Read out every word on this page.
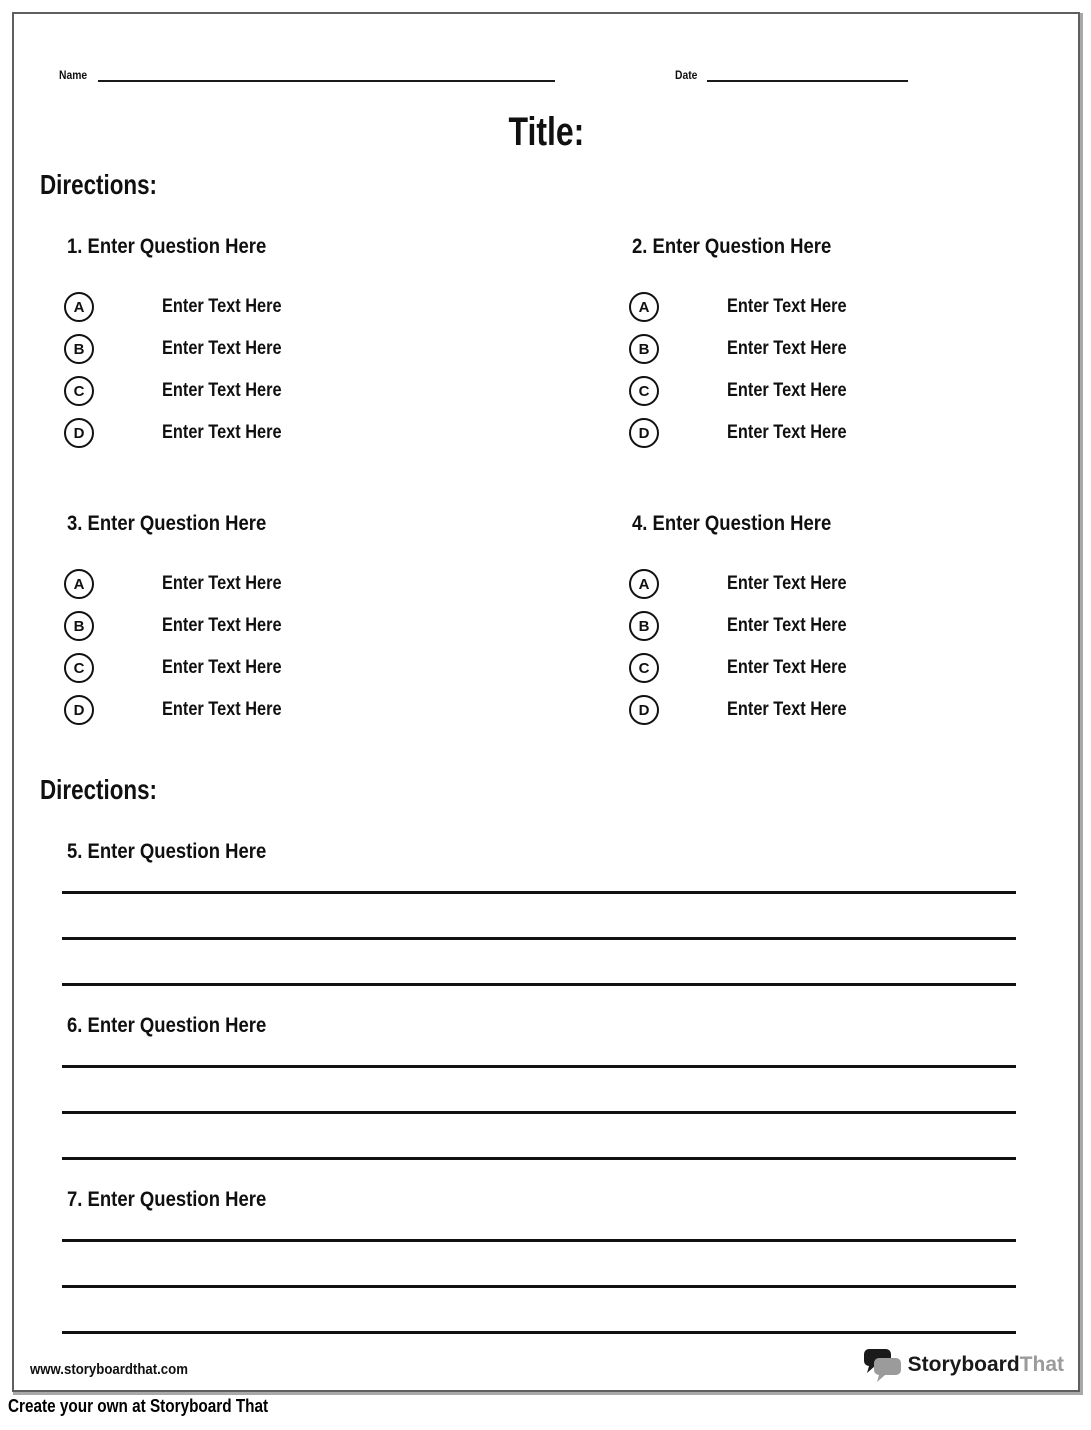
Name	Date
Title:
Directions:
1. Enter Question Here
A	Enter Text Here
B	Enter Text Here
C	Enter Text Here
D	Enter Text Here
2. Enter Question Here
A	Enter Text Here
B	Enter Text Here
C	Enter Text Here
D	Enter Text Here
3. Enter Question Here
A	Enter Text Here
B	Enter Text Here
C	Enter Text Here
D	Enter Text Here
4. Enter Question Here
A	Enter Text Here
B	Enter Text Here
C	Enter Text Here
D	Enter Text Here
Directions:
5. Enter Question Here
6. Enter Question Here
7. Enter Question Here
www.storyboardthat.com	StoryboardThat
Create your own at Storyboard That
